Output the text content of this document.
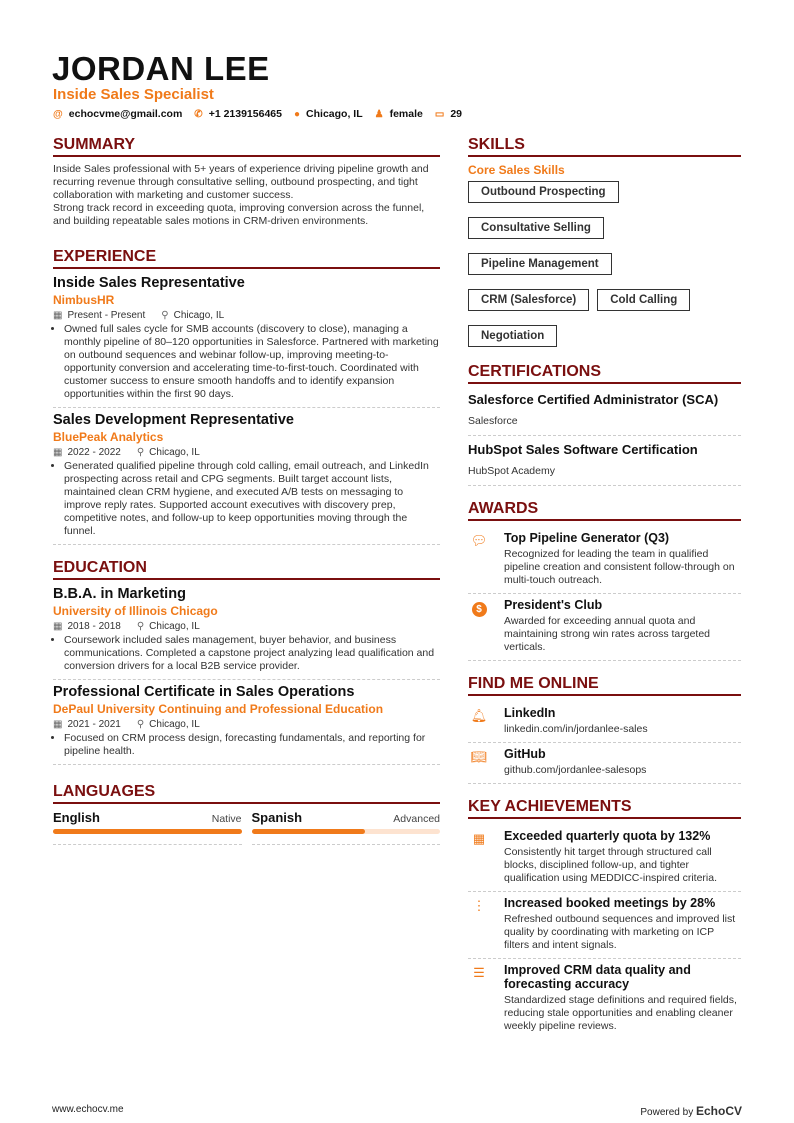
JORDAN LEE
Inside Sales Specialist
@ echocvme@gmail.com ✆ +1 2139156465 ● Chicago, IL ♟ female ▭ 29
SUMMARY

Inside Sales professional with 5+ years of experience driving pipeline growth and recurring revenue through consultative selling, outbound prospecting, and tight collaboration with marketing and customer success.

Strong track record in exceeding quota, improving conversion across the funnel, and building repeatable sales motions in CRM-driven environments.

EXPERIENCE
Inside Sales Representative
NimbusHR
▦ Present - Present ⚲ Chicago, IL
• Owned full sales cycle for SMB accounts (discovery to close), managing a monthly pipeline of 80–120 opportunities in Salesforce. Partnered with marketing on outbound sequences and webinar follow-up, improving meeting-to-opportunity conversion and accelerating time-to-first-touch. Coordinated with customer success to ensure smooth handoffs and to identify expansion opportunities within the first 90 days.
Sales Development Representative
BluePeak Analytics
▦ 2022 - 2022 ⚲ Chicago, IL
• Generated qualified pipeline through cold calling, email outreach, and LinkedIn prospecting across retail and CPG segments. Built target account lists, maintained clean CRM hygiene, and executed A/B tests on messaging to improve reply rates. Supported account executives with discovery prep, competitive notes, and follow-up to keep opportunities moving through the funnel.
EDUCATION
B.B.A. in Marketing
University of Illinois Chicago
▦ 2018 - 2018 ⚲ Chicago, IL
• Coursework included sales management, buyer behavior, and business communications. Completed a capstone project analyzing lead qualification and conversion drivers for a local B2B service provider.
Professional Certificate in Sales Operations
DePaul University Continuing and Professional Education
▦ 2021 - 2021 ⚲ Chicago, IL
• Focused on CRM process design, forecasting fundamentals, and reporting for pipeline health.
LANGUAGES
English	Native Spanish	Advanced
SKILLS
Core Sales Skills
Outbound Prospecting
Consultative Selling
Pipeline Management
CRM (Salesforce)	Cold Calling
Negotiation
CERTIFICATIONS
Salesforce Certified Administrator (SCA)
Salesforce
HubSpot Sales Software Certification
HubSpot Academy
AWARDS
💬︎ Top Pipeline Generator (Q3)

Recognized for leading the team in qualified pipeline creation and consistent follow-through on multi-touch outreach.

$	President's Club

Awarded for exceeding annual quota and maintaining strong win rates across targeted verticals.

FIND ME ONLINE
🔔︎ LinkedIn

linkedin.com/in/jordanlee-sales

📖︎ GitHub

github.com/jordanlee-salesops

KEY ACHIEVEMENTS
▦	Exceeded quarterly quota by 132%

Consistently hit target through structured call blocks, disciplined follow-up, and tighter qualification using MEDDICC-inspired criteria.

⋮	Increased booked meetings by 28%

Refreshed outbound sequences and improved list quality by coordinating with marketing on ICP filters and intent signals.

☰	Improved CRM data quality and forecasting accuracy

Standardized stage definitions and required fields, reducing stale opportunities and enabling cleaner weekly pipeline reviews.

www.echocv.me	Powered by EchoCV
